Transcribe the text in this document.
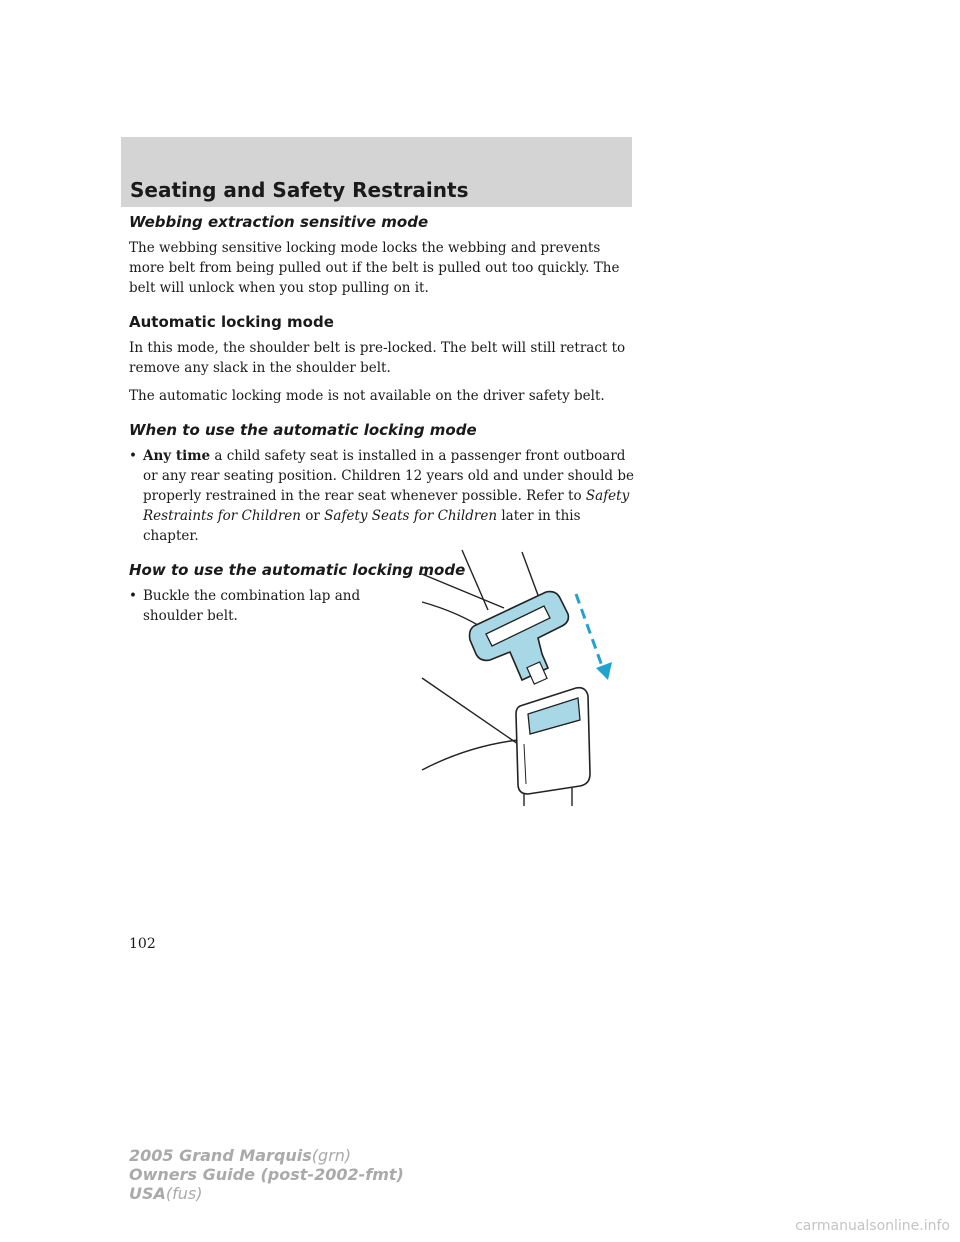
Seating and Safety Restraints
Webbing extraction sensitive mode

The webbing sensitive locking mode locks the webbing and prevents more belt from being pulled out if the belt is pulled out too quickly. The belt will unlock when you stop pulling on it.

Automatic locking mode

In this mode, the shoulder belt is pre-locked. The belt will still retract to remove any slack in the shoulder belt.

The automatic locking mode is not available on the driver safety belt.

When to use the automatic locking mode
• Any time a child safety seat is installed in a passenger front outboard or any rear seating position. Children 12 years old and under should be properly restrained in the rear seat whenever possible. Refer to Safety Restraints for Children or Safety Seats for Children later in this chapter.
How to use the automatic locking mode
• Buckle the combination lap and shoulder belt.
102
2005 Grand Marquis(grn)
Owners Guide (post-2002-fmt)
USA(fus)
carmanualsonline.info
